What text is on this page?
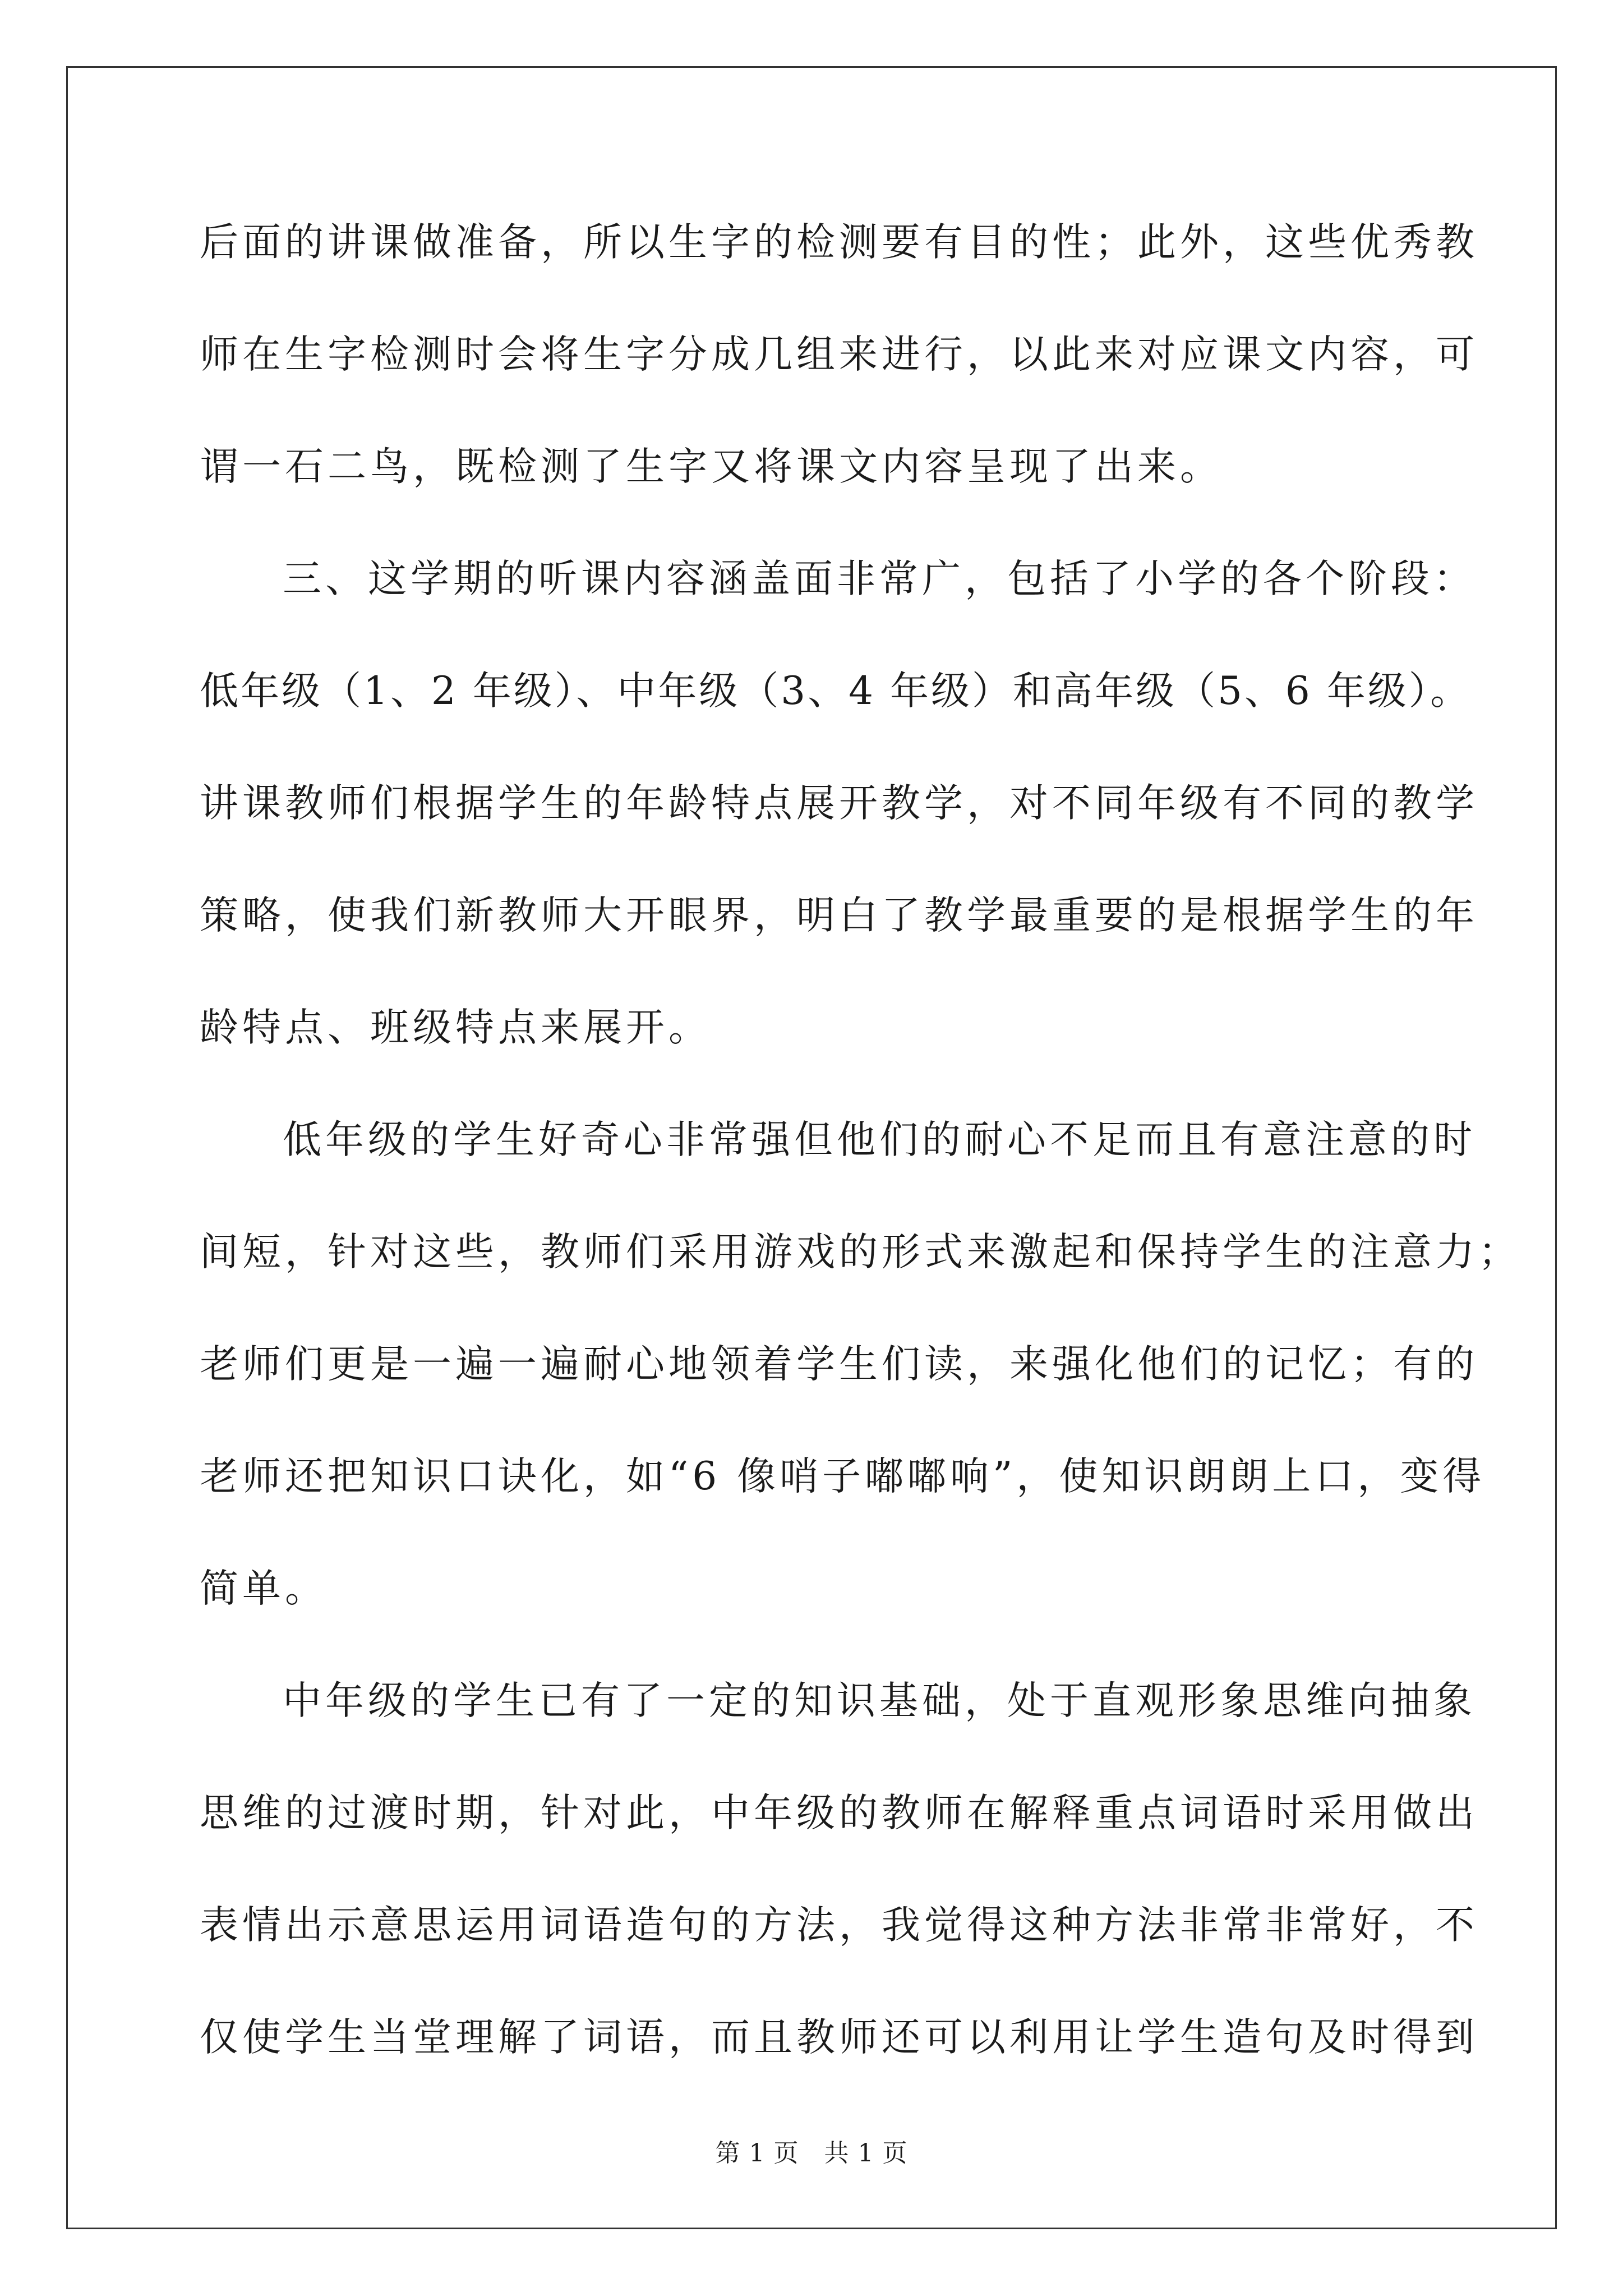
后面的讲课做准备，所以生字的检测要有目的性；此外，这些优秀教
师在生字检测时会将生字分成几组来进行，以此来对应课文内容，可
谓一石二鸟，既检测了生字又将课文内容呈现了出来。
三、这学期的听课内容涵盖面非常广，包括了小学的各个阶段：
低年级（1、2 年级）、中年级（3、4 年级）和高年级（5、6 年级）。
讲课教师们根据学生的年龄特点展开教学，对不同年级有不同的教学
策略，使我们新教师大开眼界，明白了教学最重要的是根据学生的年
龄特点、班级特点来展开。
低年级的学生好奇心非常强但他们的耐心不足而且有意注意的时
间短，针对这些，教师们采用游戏的形式来激起和保持学生的注意力；
老师们更是一遍一遍耐心地领着学生们读，来强化他们的记忆；有的
老师还把知识口诀化，如“6 像哨子嘟嘟响”，使知识朗朗上口，变得
简单。
中年级的学生已有了一定的知识基础，处于直观形象思维向抽象
思维的过渡时期，针对此，中年级的教师在解释重点词语时采用做出
表情出示意思运用词语造句的方法，我觉得这种方法非常非常好，不
仅使学生当堂理解了词语，而且教师还可以利用让学生造句及时得到
第 1 页   共 1 页
